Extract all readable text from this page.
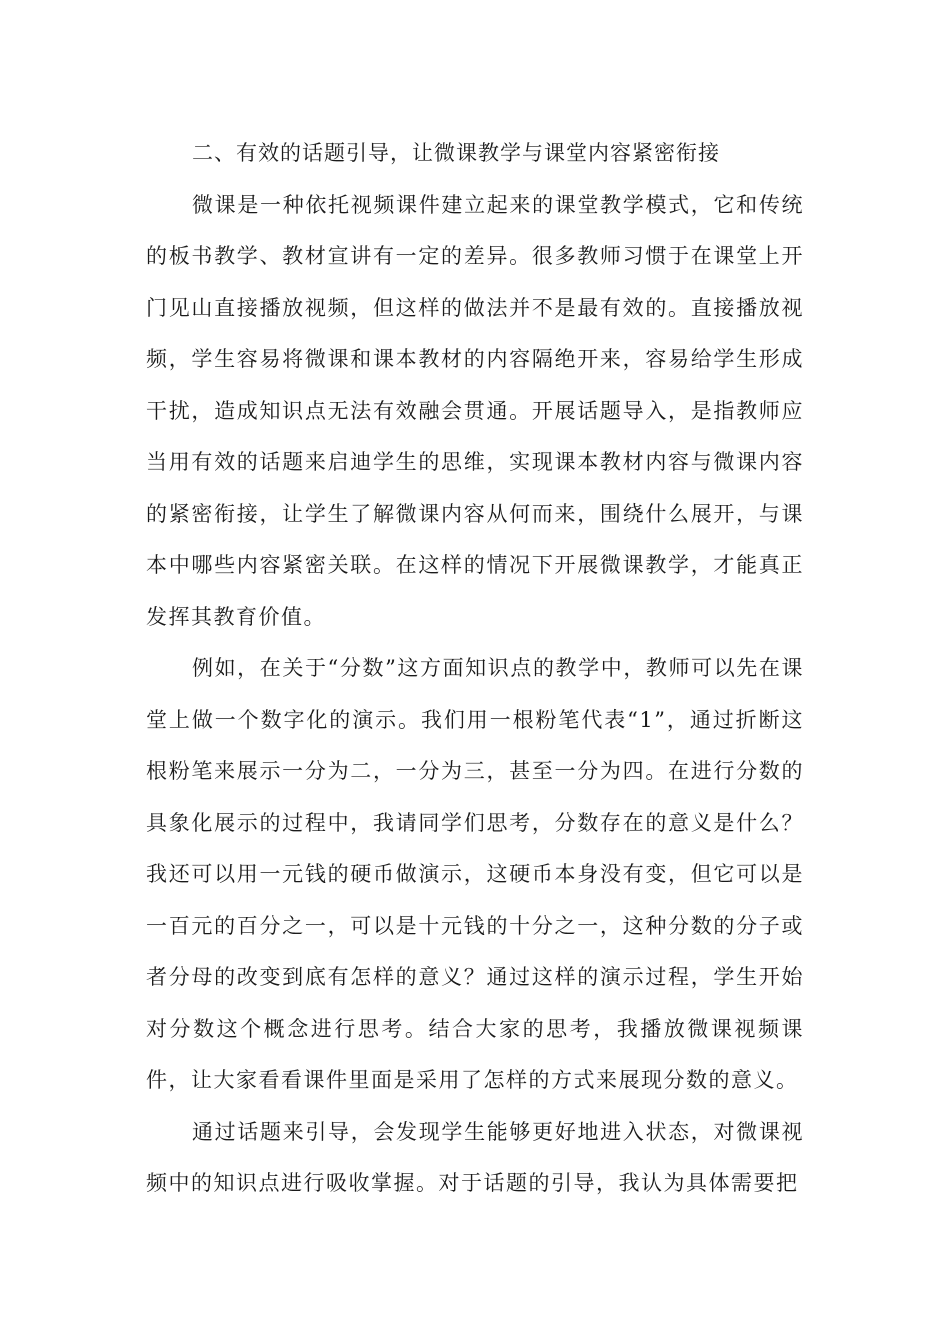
二、有效的话题引导，让微课教学与课堂内容紧密衔接

微课是一种依托视频课件建立起来的课堂教学模式，它和传统的板书教学、教材宣讲有一定的差异。很多教师习惯于在课堂上开门见山直接播放视频，但这样的做法并不是最有效的。直接播放视频，学生容易将微课和课本教材的内容隔绝开来，容易给学生形成干扰，造成知识点无法有效融会贯通。开展话题导入，是指教师应当用有效的话题来启迪学生的思维，实现课本教材内容与微课内容的紧密衔接，让学生了解微课内容从何而来，围绕什么展开，与课本中哪些内容紧密关联。在这样的情况下开展微课教学，才能真正发挥其教育价值。

例如，在关于“分数”这方面知识点的教学中，教师可以先在课堂上做一个数字化的演示。我们用一根粉笔代表“1”，通过折断这根粉笔来展示一分为二，一分为三，甚至一分为四。在进行分数的具象化展示的过程中，我请同学们思考，分数存在的意义是什么？我还可以用一元钱的硬币做演示，这硬币本身没有变，但它可以是一百元的百分之一，可以是十元钱的十分之一，这种分数的分子或者分母的改变到底有怎样的意义？通过这样的演示过程，学生开始对分数这个概念进行思考。结合大家的思考，我播放微课视频课件，让大家看看课件里面是采用了怎样的方式来展现分数的意义。

通过话题来引导，会发现学生能够更好地进入状态，对微课视频中的知识点进行吸收掌握。对于话题的引导，我认为具体需要把
